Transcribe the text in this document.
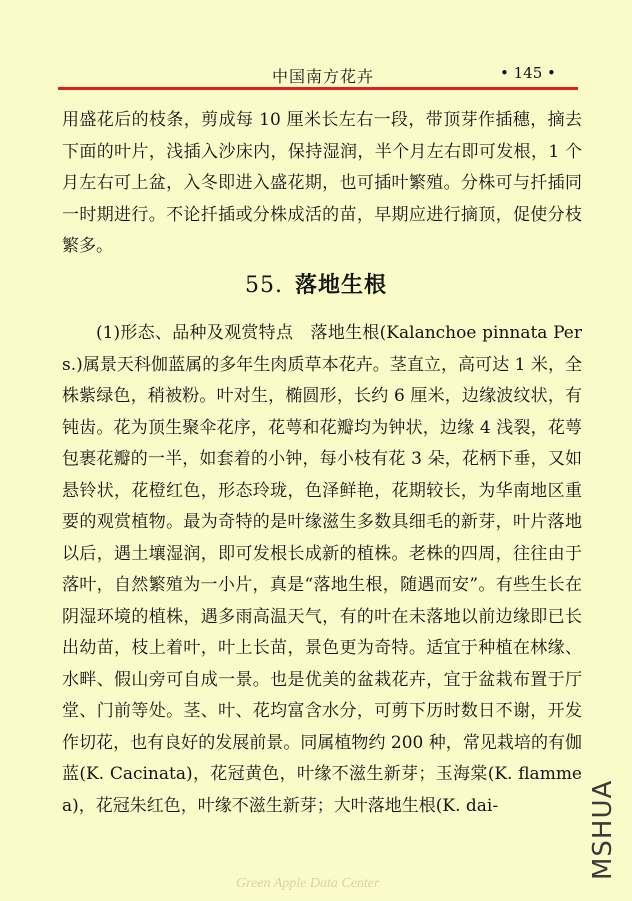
中国南方花卉	• 145 •

用盛花后的枝条，剪成每 10 厘米长左右一段，带顶芽作插穗，摘去下面的叶片，浅插入沙床内，保持湿润，半个月左右即可发根，1 个月左右可上盆，入冬即进入盛花期，也可插叶繁殖。分株可与扦插同一时期进行。不论扦插或分株成活的苗，早期应进行摘顶，促使分枝繁多。

55. 落地生根

(1)形态、品种及观赏特点　落地生根(Kalanchoe pinnata Pers.)属景天科伽蓝属的多年生肉质草本花卉。茎直立，高可达 1 米，全株紫绿色，稍被粉。叶对生，椭圆形，长约 6 厘米，边缘波纹状，有钝齿。花为顶生聚伞花序，花萼和花瓣均为钟状，边缘 4 浅裂，花萼包裹花瓣的一半，如套着的小钟，每小枝有花 3 朵，花柄下垂，又如悬铃状，花橙红色，形态玲珑，色泽鲜艳，花期较长，为华南地区重要的观赏植物。最为奇特的是叶缘滋生多数具细毛的新芽，叶片落地以后，遇土壤湿润，即可发根长成新的植株。老株的四周，往往由于落叶，自然繁殖为一小片，真是“落地生根，随遇而安”。有些生长在阴湿环境的植株，遇多雨高温天气，有的叶在未落地以前边缘即已长出幼苗，枝上着叶，叶上长苗，景色更为奇特。适宜于种植在林缘、水畔、假山旁可自成一景。也是优美的盆栽花卉，宜于盆栽布置于厅堂、门前等处。茎、叶、花均富含水分，可剪下历时数日不谢，开发作切花，也有良好的发展前景。同属植物约 200 种，常见栽培的有伽蓝(K. Cacinata)，花冠黄色，叶缘不滋生新芽；玉海棠(K. flammea)，花冠朱红色，叶缘不滋生新芽；大叶落地生根(K. dai-

Green Apple Data Center
MSHUA
